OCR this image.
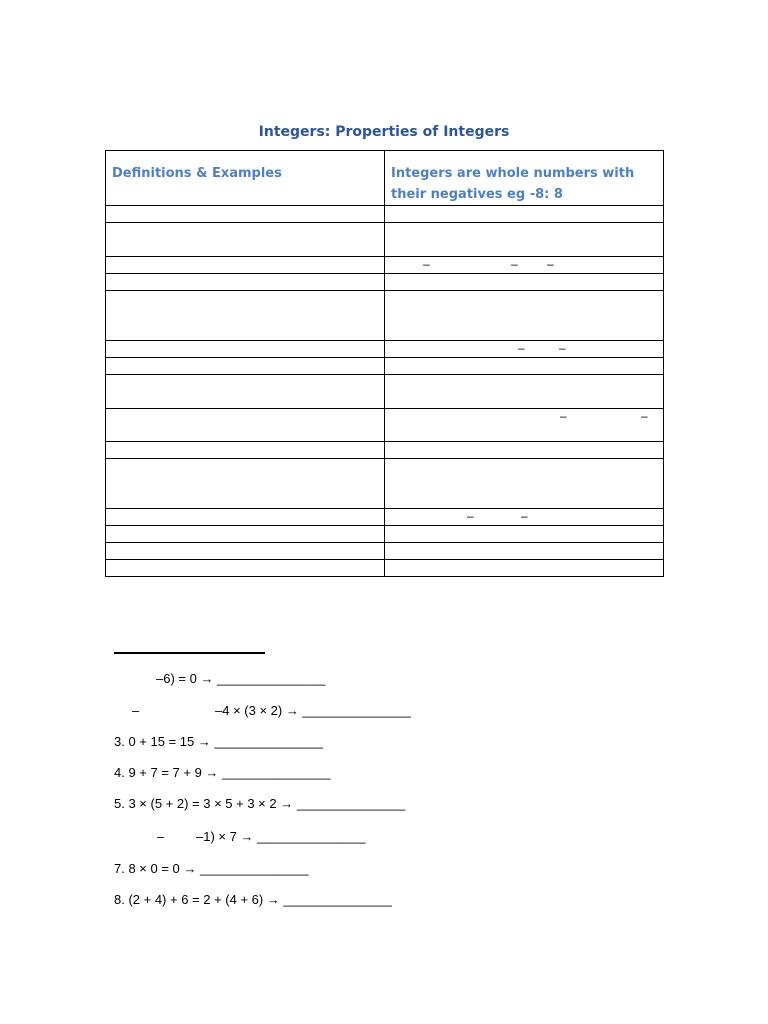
Integers: Properties of Integers
Definitions & Examples	Integers are whole numbers with their negatives eg -8: 8

	– – –

	– –

	– –

	– –

–6) = 0 → _______________
–	–4 × (3 × 2) → _______________
3. 0 + 15 = 15 → _______________
4. 9 + 7 = 7 + 9 → _______________
5. 3 × (5 + 2) = 3 × 5 + 3 × 2 → _______________
– –1) × 7 → _______________
7. 8 × 0 = 0 → _______________
8. (2 + 4) + 6 = 2 + (4 + 6) → _______________
